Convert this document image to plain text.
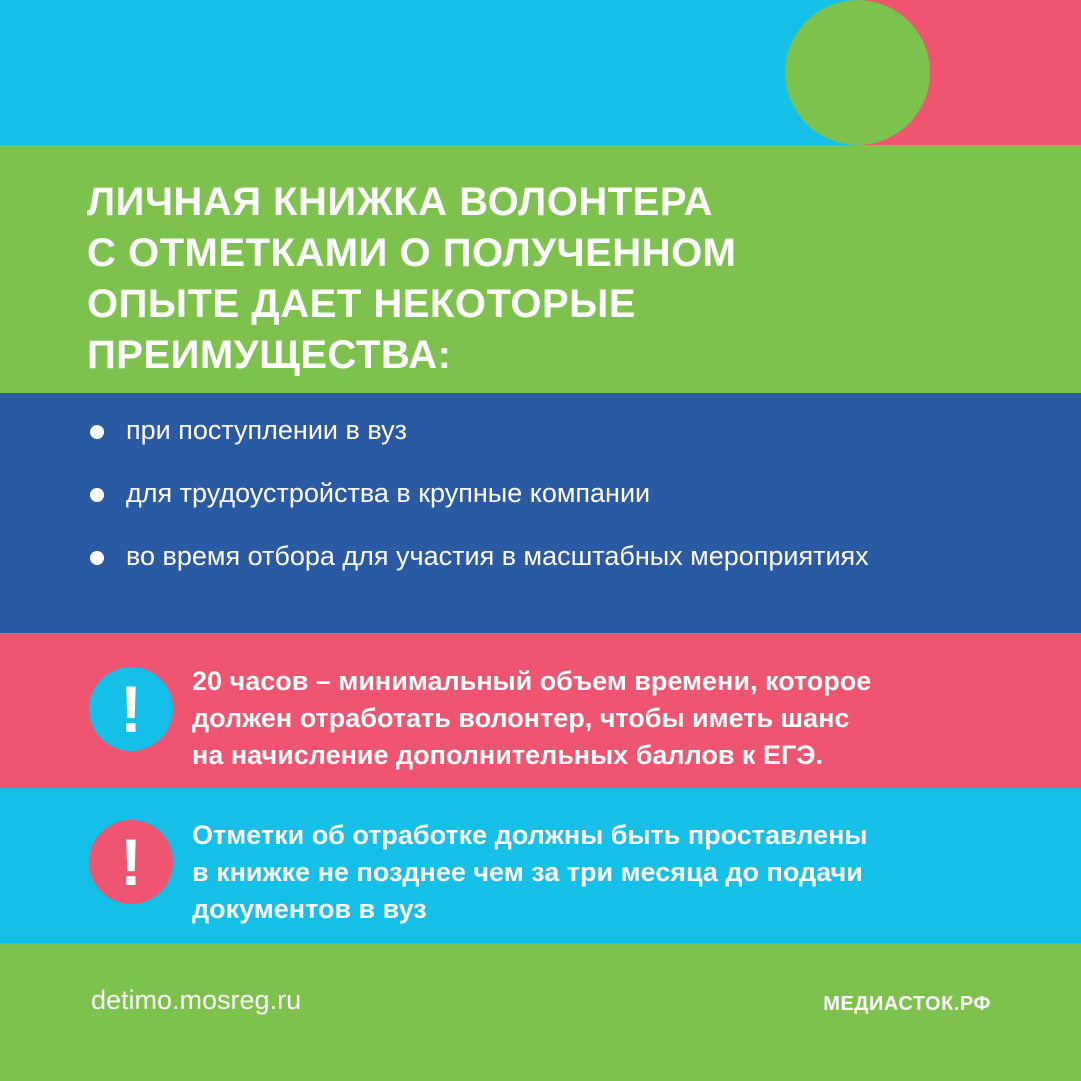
ЛИЧНАЯ КНИЖКА ВОЛОНТЕРА
С ОТМЕТКАМИ О ПОЛУЧЕННОМ
ОПЫТЕ ДАЕТ НЕКОТОРЫЕ
ПРЕИМУЩЕСТВА:
при поступлении в вуз
для трудоустройства в крупные компании
во время отбора для участия в масштабных мероприятиях
!	20 часов – минимальный объем времени, которое
должен отработать волонтер, чтобы иметь шанс
на начисление дополнительных баллов к ЕГЭ.
!	Отметки об отработке должны быть проставлены
в книжке не позднее чем за три месяца до подачи
документов в вуз
detimo.mosreg.ru	МЕДИАСТОК.РФ
